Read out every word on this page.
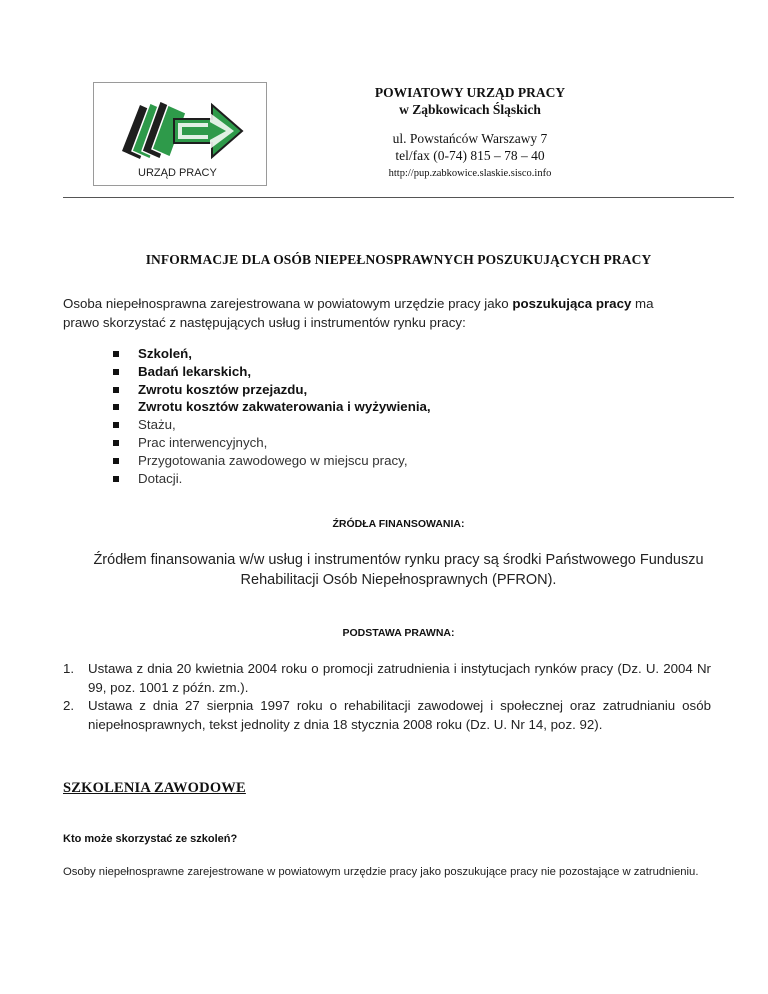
URZĄD PRACY
POWIATOWY URZĄD PRACY
w Ząbkowicach Śląskich
ul. Powstańców Warszawy 7
tel/fax (0-74) 815 – 78 – 40
http://pup.zabkowice.slaskie.sisco.info
INFORMACJE DLA OSÓB NIEPEŁNOSPRAWNYCH POSZUKUJĄCYCH PRACY
Osoba niepełnosprawna zarejestrowana w powiatowym urzędzie pracy jako poszukująca pracy ma prawo skorzystać z następujących usług i instrumentów rynku pracy:
Szkoleń,
Badań lekarskich,
Zwrotu kosztów przejazdu,
Zwrotu kosztów zakwaterowania i wyżywienia,
Stażu,
Prac interwencyjnych,
Przygotowania zawodowego w miejscu pracy,
Dotacji.
ŹRÓDŁA FINANSOWANIA:
Źródłem finansowania w/w usług i instrumentów rynku pracy są środki Państwowego Funduszu Rehabilitacji Osób Niepełnosprawnych (PFRON).
PODSTAWA PRAWNA:
1. Ustawa z dnia 20 kwietnia 2004 roku o promocji zatrudnienia i instytucjach rynków pracy (Dz. U. 2004 Nr 99, poz. 1001 z późn. zm.).
2. Ustawa z dnia 27 sierpnia 1997 roku o rehabilitacji zawodowej i społecznej oraz zatrudnianiu osób niepełnosprawnych, tekst jednolity z dnia 18 stycznia 2008 roku (Dz. U. Nr 14, poz. 92).
SZKOLENIA ZAWODOWE
Kto może skorzystać ze szkoleń?
Osoby niepełnosprawne zarejestrowane w powiatowym urzędzie pracy jako poszukujące pracy nie pozostające w zatrudnieniu.
